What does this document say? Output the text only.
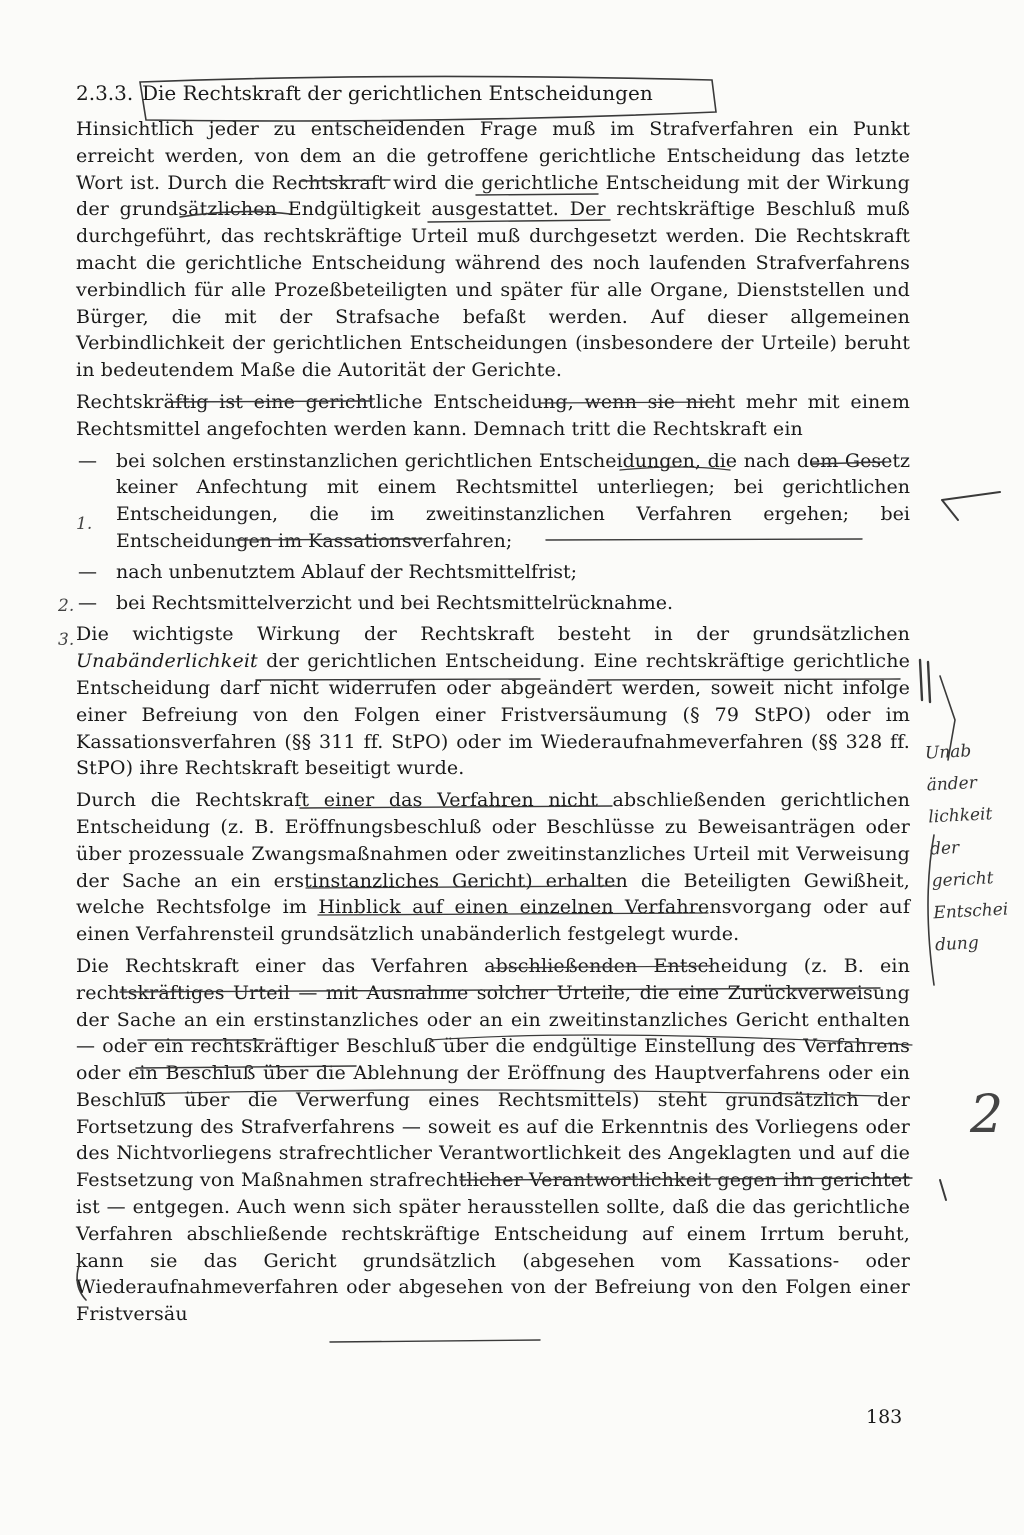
2.3.3. Die Rechtskraft der gerichtlichen Entscheidungen

Hinsichtlich jeder zu entscheidenden Frage muß im Strafverfahren ein Punkt erreicht werden, von dem an die getroffene gerichtliche Entscheidung das letzte Wort ist. Durch die Rechtskraft wird die gerichtliche Entscheidung mit der Wirkung der grundsätzlichen Endgültigkeit ausgestattet. Der rechtskräftige Beschluß muß durchgeführt, das rechtskräftige Urteil muß durchgesetzt werden. Die Rechtskraft macht die gerichtliche Entscheidung während des noch laufenden Strafverfahrens verbindlich für alle Prozeßbeteiligten und später für alle Organe, Dienststellen und Bürger, die mit der Strafsache befaßt werden. Auf dieser allgemeinen Verbindlichkeit der gerichtlichen Entscheidungen (insbesondere der Urteile) beruht in bedeutendem Maße die Autorität der Gerichte.

Rechtskräftig ist eine gerichtliche Entscheidung, wenn sie nicht mehr mit einem Rechtsmittel angefochten werden kann. Demnach tritt die Rechtskraft ein

— bei solchen erstinstanzlichen gerichtlichen Entscheidungen, die nach dem Gesetz keiner Anfechtung mit einem Rechtsmittel unterliegen; bei gerichtlichen Entscheidungen, die im zweitinstanzlichen Verfahren ergehen; bei Entscheidungen im Kassationsverfahren;
— nach unbenutztem Ablauf der Rechtsmittelfrist;
— bei Rechtsmittelverzicht und bei Rechtsmittelrücknahme.

Die wichtigste Wirkung der Rechtskraft besteht in der grundsätzlichen Unabänderlichkeit der gerichtlichen Entscheidung. Eine rechtskräftige gerichtliche Entscheidung darf nicht widerrufen oder abgeändert werden, soweit nicht infolge einer Befreiung von den Folgen einer Fristversäumung (§ 79 StPO) oder im Kassationsverfahren (§§ 311 ff. StPO) oder im Wiederaufnahmeverfahren (§§ 328 ff. StPO) ihre Rechtskraft beseitigt wurde.

Durch die Rechtskraft einer das Verfahren nicht abschließenden gerichtlichen Entscheidung (z. B. Eröffnungsbeschluß oder Beschlüsse zu Beweisanträgen oder über prozessuale Zwangsmaßnahmen oder zweitinstanzliches Urteil mit Verweisung der Sache an ein erstinstanzliches Gericht) erhalten die Beteiligten Gewißheit, welche Rechtsfolge im Hinblick auf einen einzelnen Verfahrensvorgang oder auf einen Verfahrensteil grundsätzlich unabänderlich festgelegt wurde.

Die Rechtskraft einer das Verfahren abschließenden Entscheidung (z. B. ein rechtskräftiges Urteil — mit Ausnahme solcher Urteile, die eine Zurückverweisung der Sache an ein erstinstanzliches oder an ein zweitinstanzliches Gericht enthalten — oder ein rechtskräftiger Beschluß über die endgültige Einstellung des Verfahrens oder ein Beschluß über die Ablehnung der Eröffnung des Hauptverfahrens oder ein Beschluß über die Verwerfung eines Rechtsmittels) steht grundsätzlich der Fortsetzung des Strafverfahrens — soweit es auf die Erkenntnis des Vorliegens oder des Nichtvorliegens strafrechtlicher Verantwortlichkeit des Angeklagten und auf die Festsetzung von Maßnahmen strafrechtlicher Verantwortlichkeit gegen ihn gerichtet ist — entgegen. Auch wenn sich später herausstellen sollte, daß die das gerichtliche Verfahren abschließende rechtskräftige Entscheidung auf einem Irrtum beruht, kann sie das Gericht grundsätzlich (abgesehen vom Kassations- oder Wiederaufnahmeverfahren oder abgesehen von der Befreiung von den Folgen einer Fristversäu

183
1.
2.
3.
Unab
änder
lichkeit
der
gericht
Entschei
dung
2
